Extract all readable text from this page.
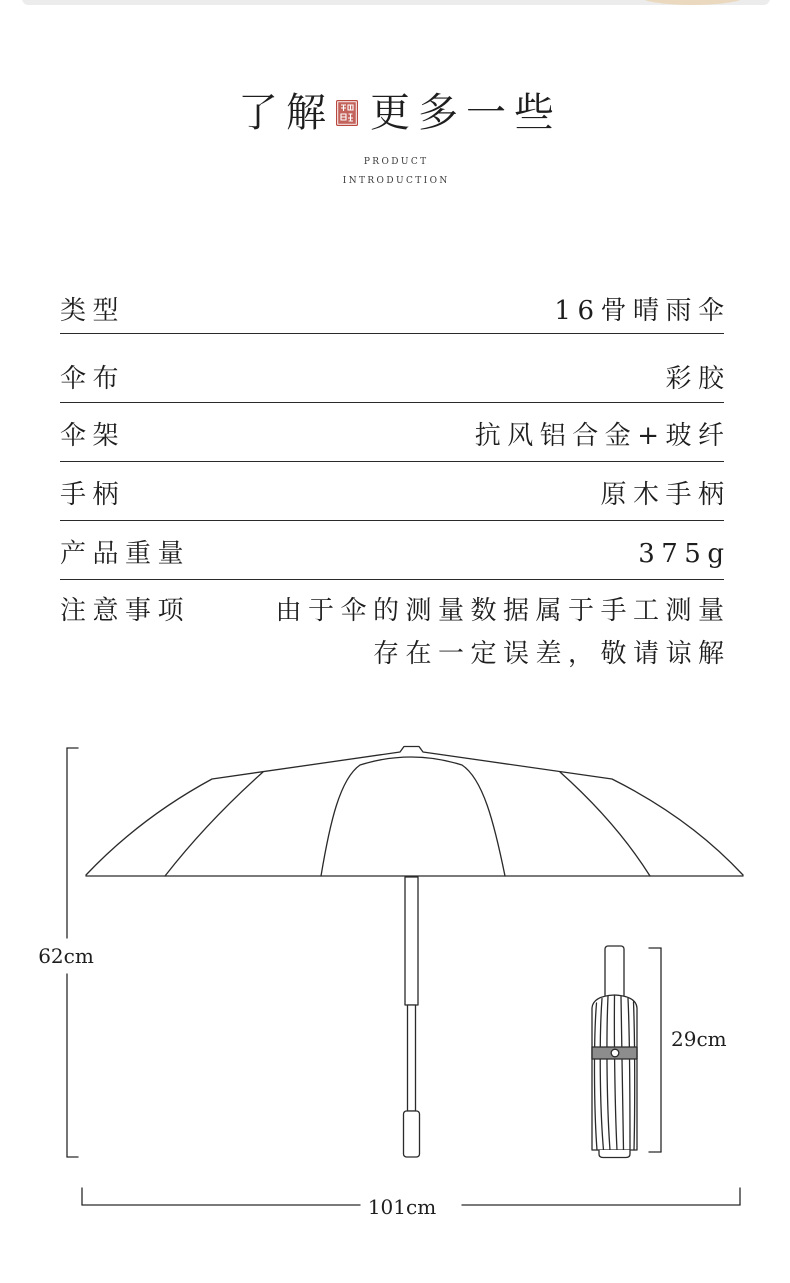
了解 更多一些
PRODUCT
INTRODUCTION
类型	16骨晴雨伞
伞布	彩胶
伞架	抗风铝合金+玻纤
手柄	原木手柄
产品重量	375g
注意事项	由于伞的测量数据属于手工测量
存在一定误差，敬请谅解
62cm
29cm
101cm
